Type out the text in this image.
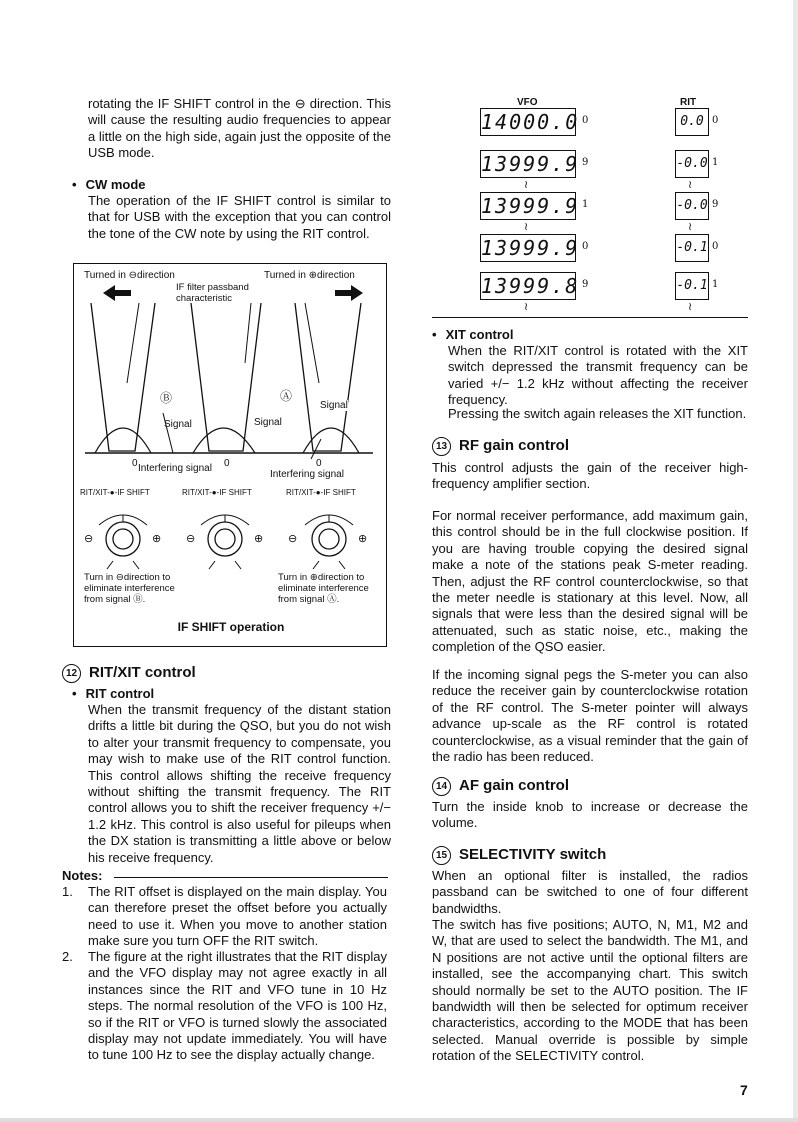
rotating the IF SHIFT control in the ⊖ direction. This will cause the resulting audio frequencies to appear a little on the high side, again just the opposite of the USB mode.
• CW mode
The operation of the IF SHIFT control is similar to that for USB with the exception that you can control the tone of the CW note by using the RIT control.
Turned in ⊖direction	Turned in ⊕direction
IF filter passband characteristic
Ⓑ	Ⓐ
Signal	Signal
Signal
0 Interfering signal 0	0
Interfering signal
RIT/XIT-●-IF SHIFT	RIT/XIT-●-IF SHIFT	RIT/XIT-●-IF SHIFT
⊖	⊕ ⊖	⊕ ⊖	⊕
Turn in ⊖direction to eliminate interference from signal Ⓑ.
Turn in ⊕direction to eliminate interference from signal Ⓐ.
IF SHIFT operation
12 RIT/XIT control
• RIT control
When the transmit frequency of the distant station drifts a little bit during the QSO, but you do not wish to alter your transmit frequency to compensate, you may wish to make use of the RIT control function. This control allows shifting the receive frequency without shifting the transmit frequency. The RIT control allows you to shift the receiver frequency +/− 1.2 kHz. This control is also useful for pileups when the DX station is transmitting a little above or below his receive frequency.
Notes:
1. The RIT offset is displayed on the main display. You can therefore preset the offset before you actually need to use it. When you move to another station make sure you turn OFF the RIT switch.
2. The figure at the right illustrates that the RIT display and the VFO display may not agree exactly in all instances since the RIT and VFO tune in 10 Hz steps. The normal resolution of the VFO is 100 Hz, so if the RIT or VFO is turned slowly the associated display may not update immediately. You will have to tune 100 Hz to see the display actually change.
VFO	RIT
14000.0 0	0.0 0
13999.9 9	-0.0 1
≀	≀
13999.9 1	-0.0 9
≀	≀
13999.9 0	-0.1 0
13999.8 9	-0.1 1
≀	≀
• XIT control
When the RIT/XIT control is rotated with the XIT switch depressed the transmit frequency can be varied +/− 1.2 kHz without affecting the receiver frequency.
Pressing the switch again releases the XIT function.
13 RF gain control
This control adjusts the gain of the receiver high-frequency amplifier section.
For normal receiver performance, add maximum gain, this control should be in the full clockwise position. If you are having trouble copying the desired signal make a note of the stations peak S-meter reading. Then, adjust the RF control counterclockwise, so that the meter needle is stationary at this level. Now, all signals that were less than the desired signal will be attenuated, such as static noise, etc., making the completion of the QSO easier.
If the incoming signal pegs the S-meter you can also reduce the receiver gain by counterclockwise rotation of the RF control. The S-meter pointer will always advance up-scale as the RF control is rotated counterclockwise, as a visual reminder that the gain of the radio has been reduced.
14 AF gain control
Turn the inside knob to increase or decrease the volume.
15 SELECTIVITY switch
When an optional filter is installed, the radios passband can be switched to one of four different bandwidths.
The switch has five positions; AUTO, N, M1, M2 and W, that are used to select the bandwidth. The M1, and N positions are not active until the optional filters are installed, see the accompanying chart. This switch should normally be set to the AUTO position. The IF bandwidth will then be selected for optimum receiver characteristics, according to the MODE that has been selected. Manual override is possible by simple rotation of the SELECTIVITY control.
7
